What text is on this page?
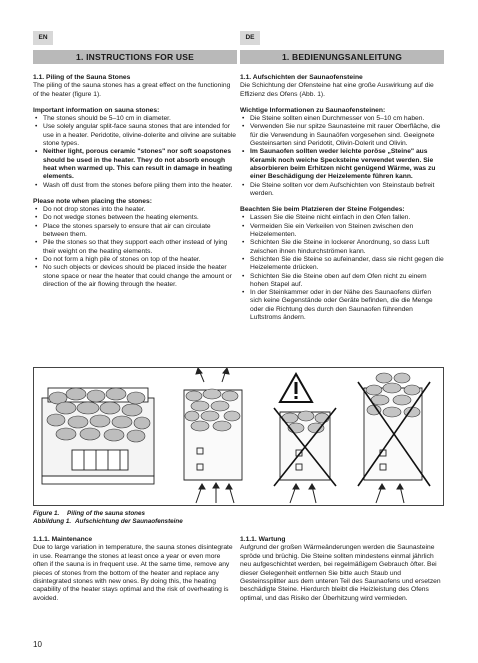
EN	DE
1. INSTRUCTIONS FOR USE

1.1. Piling of the Sauna Stones

The piling of the sauna stones has a great effect on the functioning of the heater (figure 1).

Important information on sauna stones:

• The stones should be 5–10 cm in diameter.
• Use solely angular split-face sauna stones that are intended for use in a heater. Peridotite, olivine-dolerite and olivine are suitable stone types.
• Neither light, porous ceramic "stones" nor soft soapstones should be used in the heater. They do not absorb enough heat when warmed up. This can result in damage in heating elements.
• Wash off dust from the stones before piling them into the heater.

Please note when placing the stones:

• Do not drop stones into the heater.
• Do not wedge stones between the heating elements.
• Place the stones sparsely to ensure that air can circulate between them.
• Pile the stones so that they support each other instead of lying their weight on the heating elements.
• Do not form a high pile of stones on top of the heater.
• No such objects or devices should be placed inside the heater stone space or near the heater that could change the amount or direction of the air flowing through the heater.
1. BEDIENUNGSANLEITUNG

1.1. Aufschichten der Saunaofensteine

Die Schichtung der Ofensteine hat eine große Auswirkung auf die Effizienz des Ofens (Abb. 1).

Wichtige Informationen zu Saunaofensteinen:

• Die Steine sollten einen Durchmesser von 5–10 cm haben.
• Verwenden Sie nur spitze Saunasteine mit rauer Oberfläche, die für die Verwendung in Saunaöfen vorgesehen sind. Geeignete Gesteinsarten sind Peridotit, Olivin-Dolerit und Olivin.
• Im Saunaofen sollten weder leichte poröse „Steine" aus Keramik noch weiche Specksteine verwendet werden. Sie absorbieren beim Erhitzen nicht genügend Wärme, was zu einer Beschädigung der Heizelemente führen kann.
• Die Steine sollten vor dem Aufschichten von Steinstaub befreit werden.

Beachten Sie beim Platzieren der Steine Folgendes:

• Lassen Sie die Steine nicht einfach in den Ofen fallen.
• Vermeiden Sie ein Verkeilen von Steinen zwischen den Heizelementen.
• Schichten Sie die Steine in lockerer Anordnung, so dass Luft zwischen ihnen hindurchströmen kann.
• Schichten Sie die Steine so aufeinander, dass sie nicht gegen die Heizelemente drücken.
• Schichten Sie die Steine oben auf dem Ofen nicht zu einem hohen Stapel auf.
• In der Steinkammer oder in der Nähe des Saunaofens dürfen sich keine Gegenstände oder Geräte befinden, die die Menge oder die Richtung des durch den Saunaofen führenden Luftstroms ändern.
Figure 1. Piling of the sauna stones
Abbildung 1. Aufschichtung der Saunaofensteine

1.1.1. Maintenance

Due to large variation in temperature, the sauna stones disintegrate in use. Rearrange the stones at least once a year or even more often if the sauna is in frequent use. At the same time, remove any pieces of stones from the bottom of the heater and replace any disintegrated stones with new ones. By doing this, the heating capability of the heater stays optimal and the risk of overheating is avoided.

1.1.1. Wartung

Aufgrund der großen Wärmeänderungen werden die Saunasteine spröde und brüchig. Die Steine sollten mindestens einmal jährlich neu aufgeschichtet werden, bei regelmäßigem Gebrauch öfter. Bei dieser Gelegenheit entfernen Sie bitte auch Staub und Gesteinssplitter aus dem unteren Teil des Saunaofens und ersetzen beschädigte Steine. Hierdurch bleibt die Heizleistung des Ofens optimal, und das Risiko der Überhitzung wird vermieden.

10
